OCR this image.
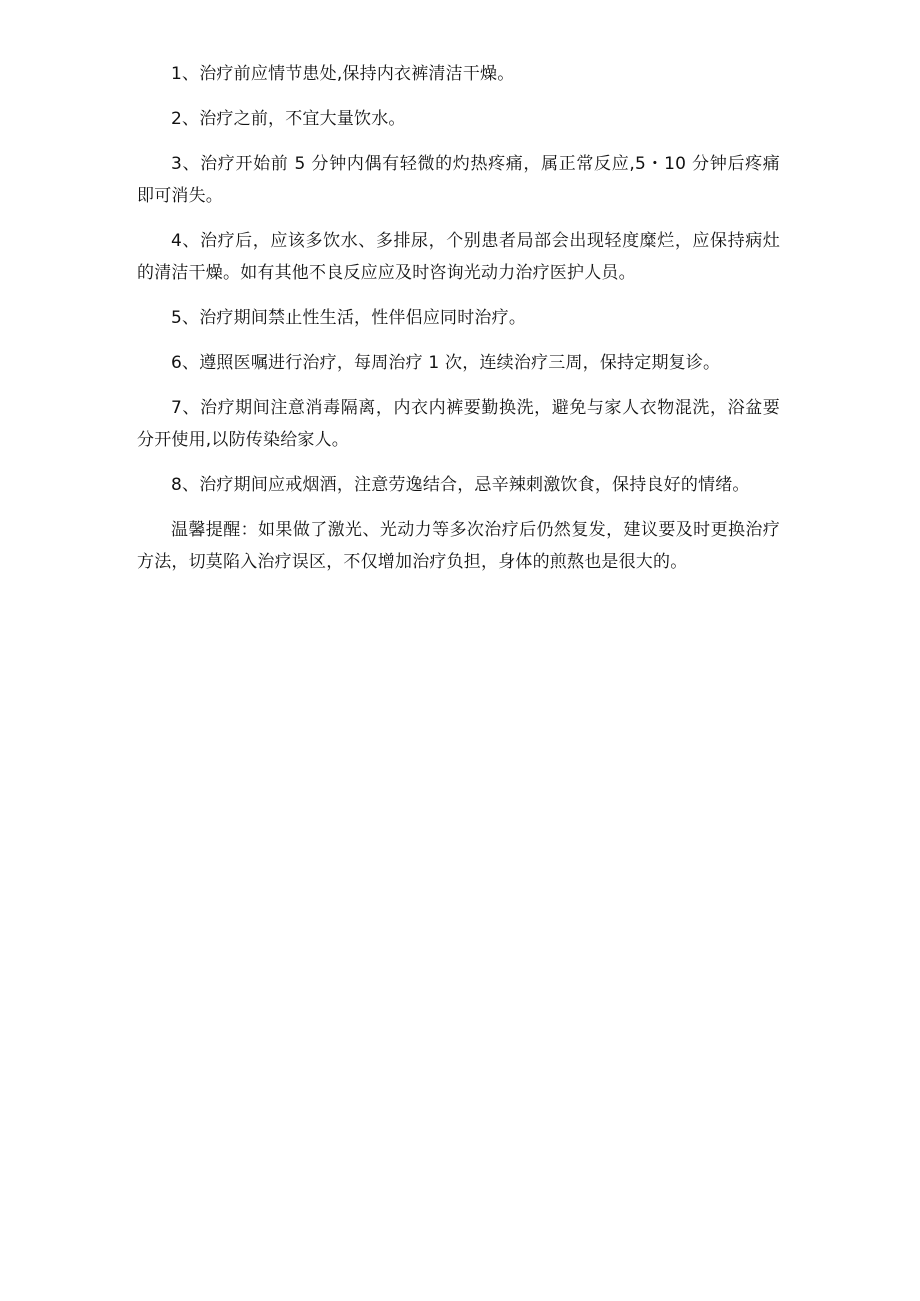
1、治疗前应情节患处,保持内衣裤清洁干燥。

2、治疗之前，不宜大量饮水。

3、治疗开始前 5 分钟内偶有轻微的灼热疼痛，属正常反应,5・10 分钟后疼痛即可消失。

4、治疗后，应该多饮水、多排尿，个别患者局部会出现轻度糜烂，应保持病灶的清洁干燥。如有其他不良反应应及时咨询光动力治疗医护人员。

5、治疗期间禁止性生活，性伴侣应同时治疗。

6、遵照医嘱进行治疗，每周治疗 1 次，连续治疗三周，保持定期复诊。

7、治疗期间注意消毒隔离，内衣内裤要勤换洗，避免与家人衣物混洗，浴盆要分开使用,以防传染给家人。

8、治疗期间应戒烟酒，注意劳逸结合，忌辛辣刺激饮食，保持良好的情绪。

温馨提醒：如果做了激光、光动力等多次治疗后仍然复发，建议要及时更换治疗方法，切莫陷入治疗误区，不仅增加治疗负担，身体的煎熬也是很大的。
